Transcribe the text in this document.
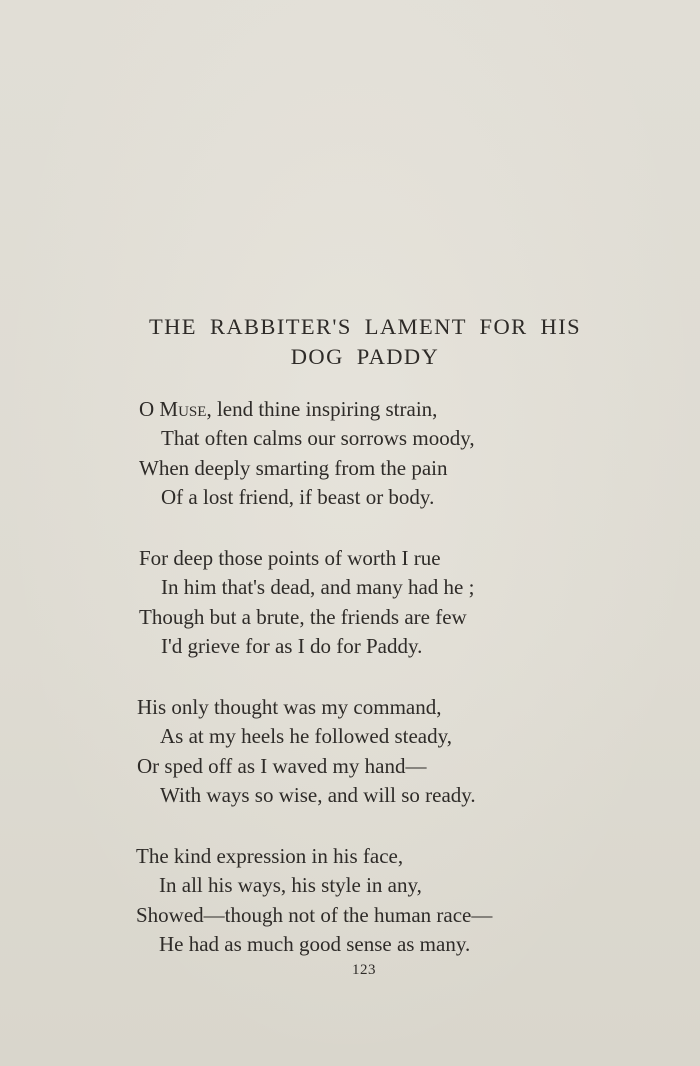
THE RABBITER'S LAMENT FOR HIS
DOG PADDY
O Muse, lend thine inspiring strain,
That often calms our sorrows moody,
When deeply smarting from the pain
Of a lost friend, if beast or body.
For deep those points of worth I rue
In him that's dead, and many had he ;
Though but a brute, the friends are few
I'd grieve for as I do for Paddy.
His only thought was my command,
As at my heels he followed steady,
Or sped off as I waved my hand—
With ways so wise, and will so ready.
The kind expression in his face,
In all his ways, his style in any,
Showed—though not of the human race—
He had as much good sense as many.
123
